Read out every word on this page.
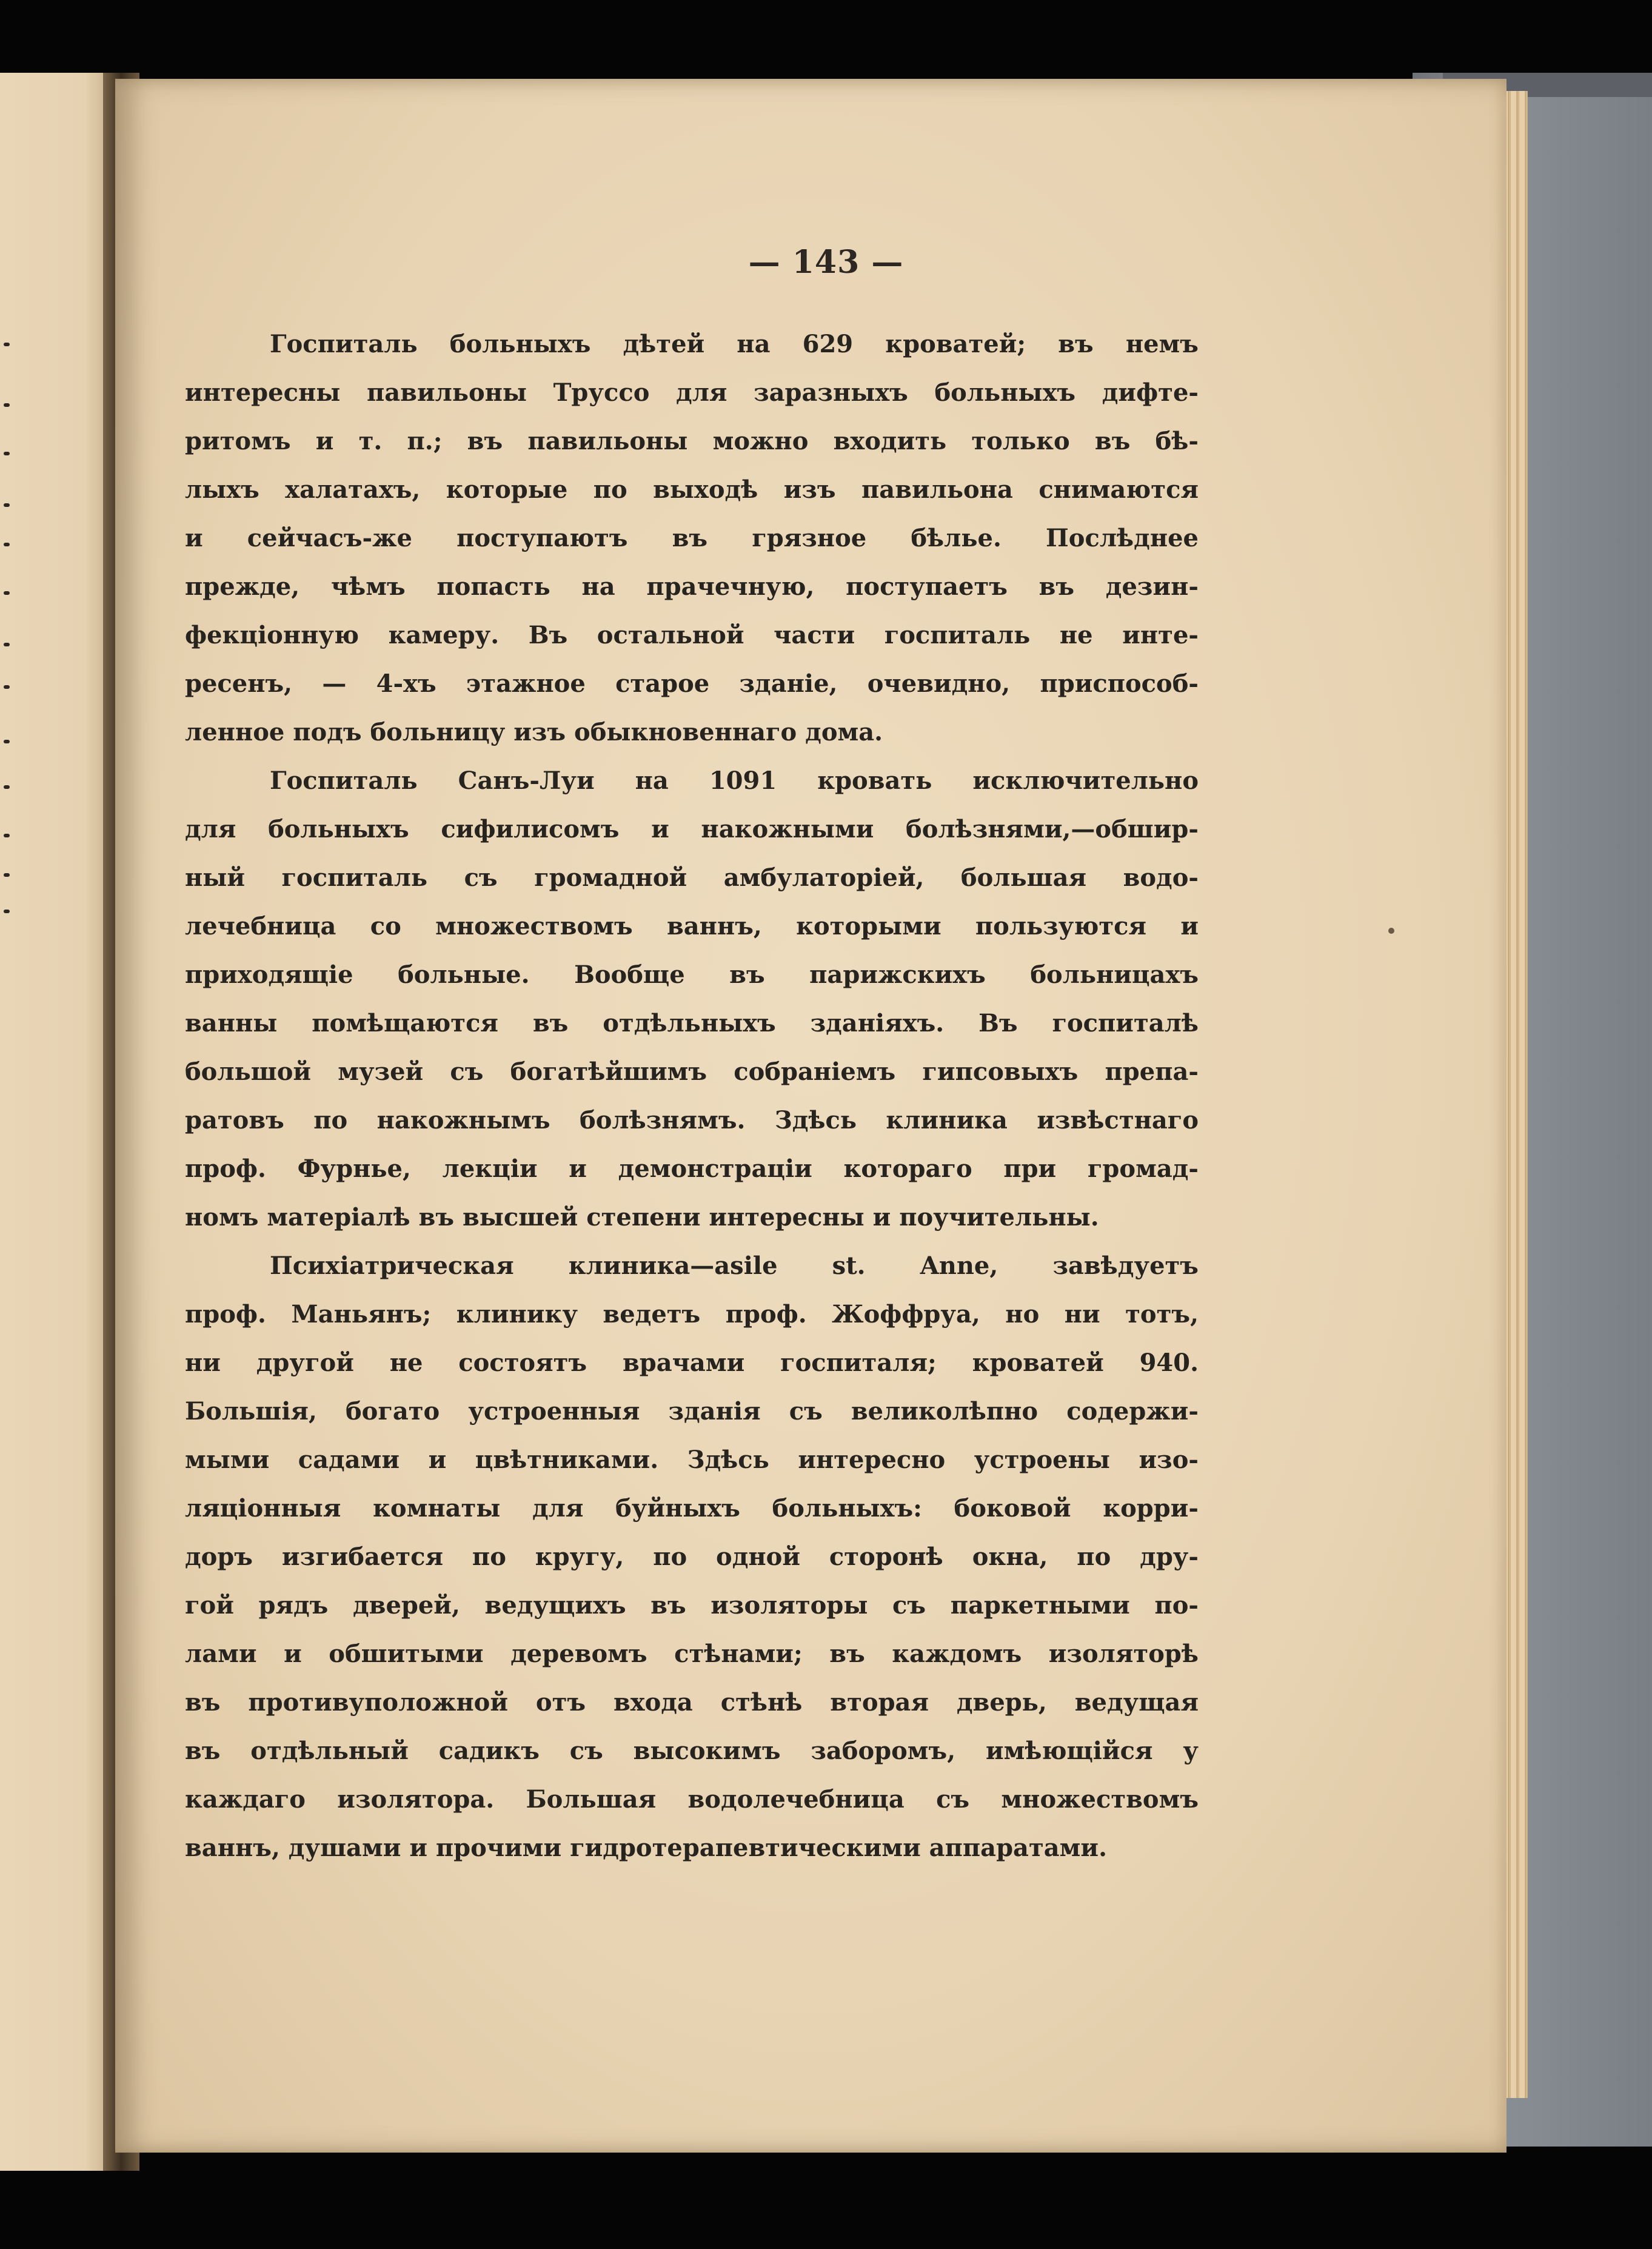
— 143 —
Госпиталь больныхъ дѣтей на 629 кроватей; въ немъ
интересны павильоны Труссо для заразныхъ больныхъ дифте-
ритомъ и т. п.; въ павильоны можно входить только въ бѣ-
лыхъ халатахъ, которые по выходѣ изъ павильона снимаются
и сейчасъ-же поступаютъ въ грязное бѣлье. Послѣднее
прежде, чѣмъ попасть на прачечную, поступаетъ въ дезин-
фекціонную камеру. Въ остальной части госпиталь не инте-
ресенъ, — 4-хъ этажное старое зданіе, очевидно, приспособ-
ленное подъ больницу изъ обыкновеннаго дома.
Госпиталь Санъ-Луи на 1091 кровать исключительно
для больныхъ сифилисомъ и накожными болѣзнями,—обшир-
ный госпиталь съ громадной амбулаторіей, большая водо-
лечебница со множествомъ ваннъ, которыми пользуются и
приходящіе больные. Вообще въ парижскихъ больницахъ
ванны помѣщаются въ отдѣльныхъ зданіяхъ. Въ госпиталѣ
большой музей съ богатѣйшимъ собраніемъ гипсовыхъ препа-
ратовъ по накожнымъ болѣзнямъ. Здѣсь клиника извѣстнаго
проф. Фурнье, лекціи и демонстраціи котораго при громад-
номъ матеріалѣ въ высшей степени интересны и поучительны.
Психіатрическая клиника—asile st. Anne, завѣдуетъ
проф. Маньянъ; клинику ведетъ проф. Жоффруа, но ни тотъ,
ни другой не состоятъ врачами госпиталя; кроватей 940.
Большія, богато устроенныя зданія съ великолѣпно содержи-
мыми садами и цвѣтниками. Здѣсь интересно устроены изо-
ляціонныя комнаты для буйныхъ больныхъ: боковой корри-
доръ изгибается по кругу, по одной сторонѣ окна, по дру-
гой рядъ дверей, ведущихъ въ изоляторы съ паркетными по-
лами и обшитыми деревомъ стѣнами; въ каждомъ изоляторѣ
въ противуположной отъ входа стѣнѣ вторая дверь, ведущая
въ отдѣльный садикъ съ высокимъ заборомъ, имѣющійся у
каждаго изолятора. Большая водолечебница съ множествомъ
ваннъ, душами и прочими гидротерапевтическими аппаратами.
